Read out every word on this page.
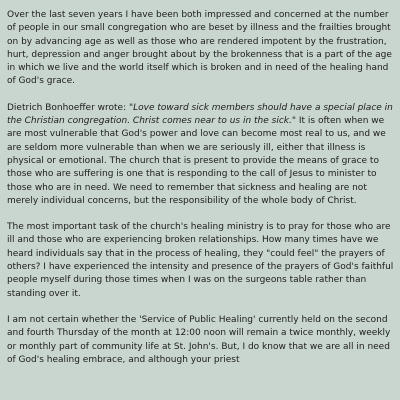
Over the last seven years I have been both impressed and concerned at the number of people in our small congregation who are beset by illness and the frailties brought on by advancing age as well as those who are rendered impotent by the frustration, hurt, depression and anger brought about by the brokenness that is a part of the age in which we live and the world itself which is broken and in need of the healing hand of God's grace.

Dietrich Bonhoeffer wrote: "Love toward sick members should have a special place in the Christian congregation. Christ comes near to us in the sick." It is often when we are most vulnerable that God's power and love can become most real to us, and we are seldom more vulnerable than when we are seriously ill, either that illness is physical or emotional. The church that is present to provide the means of grace to those who are suffering is one that is responding to the call of Jesus to minister to those who are in need. We need to remember that sickness and healing are not merely individual concerns, but the responsibility of the whole body of Christ.

The most important task of the church's healing ministry is to pray for those who are ill and those who are experiencing broken relationships. How many times have we heard individuals say that in the process of healing, they "could feel" the prayers of others? I have experienced the intensity and presence of the prayers of God's faithful people myself during those times when I was on the surgeons table rather than standing over it.

I am not certain whether the 'Service of Public Healing' currently held on the second and fourth Thursday of the month at 12:00 noon will remain a twice monthly, weekly or monthly part of community life at St. John's. But, I do know that we are all in need of God's healing embrace, and although your priest
